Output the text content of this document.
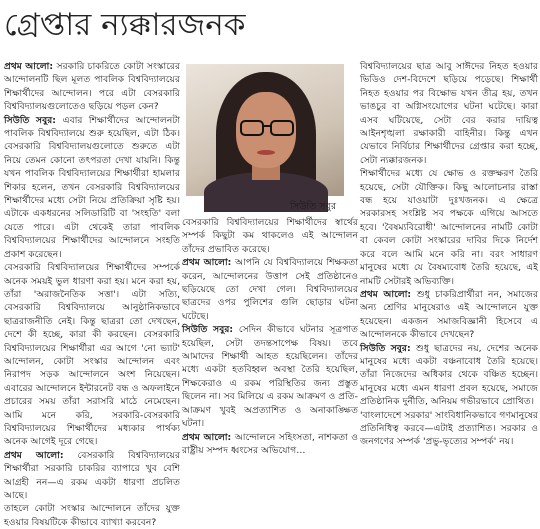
গ্রেপ্তার ন্যক্কারজনক

প্রথম আলো: সরকারি চাকরিতে কোটা সংস্কারের আন্দোলনটি ছিল মূলত পাবলিক বিশ্ববিদ্যালয়ের শিক্ষার্থীদের আন্দোলন। পরে এটা বেসরকারি বিশ্ববিদ্যালয়গুলোতেও ছড়িয়ে পড়ল কেন?

সিউতি সবুর: এবার শিক্ষার্থীদের আন্দোলনটা পাবলিক বিশ্ববিদ্যালয়ে শুরু হয়েছিল, এটা ঠিক। বেসরকারি বিশ্ববিদ্যালয়গুলোতে শুরুতে এটা নিয়ে তেমন কোনো তৎপরতা দেখা যায়নি। কিন্তু যখন পাবলিক বিশ্ববিদ্যালয়ের শিক্ষার্থীরা হামলার শিকার হলেন, তখন বেসরকারি বিশ্ববিদ্যালয়ের শিক্ষার্থীদের মধ্যে সেটা নিয়ে প্রতিক্রিয়া সৃষ্টি হয়। এটাকে একধরনের সলিডারিটি বা 'সংহতি' বলা যেতে পারে। এটা থেকেই তারা পাবলিক বিশ্ববিদ্যালয়ের শিক্ষার্থীদের আন্দোলনে সংহতি প্রকাশ করেছেন।

বেসরকারি বিশ্ববিদ্যালয়ের শিক্ষার্থীদের সম্পর্কে অনেক সময়ই ভুল ধারণা করা হয়। মনে করা হয়, তাঁরা 'অরাজনৈতিক সত্তা'। এটা সত্যি, বেসরকারি বিশ্ববিদ্যালয়ে আনুষ্ঠানিকভাবে ছাত্ররাজনীতি নেই। কিন্তু ছাত্ররা তো দেখছেন, দেশে কী হচ্ছে, কারা কী করছেন। বেসরকারি বিশ্ববিদ্যালয়ের শিক্ষার্থীরা এর আগে 'নো ভ্যাট' আন্দোলন, কোটা সংস্কার আন্দোলন এবং নিরাপদ সড়ক আন্দোলনে অংশ নিয়েছেন। এবারের আন্দোলনে ইন্টারনেট বন্ধ ও অফলাইনে প্রচারের সময় তাঁরা সরাসরি মাঠে নেমেছেন। আমি মনে করি, সরকারি-বেসরকারি বিশ্ববিদ্যালয়ের শিক্ষার্থীদের মধ্যকার পার্থক্য অনেক আগেই দূরে গেছে।

প্রথম আলো: বেসরকারি বিশ্ববিদ্যালয়ের শিক্ষার্থীরা সরকারি চাকরির ব্যাপারে খুব বেশি আগ্রহী নন—এ রকম একটা ধারণা প্রচলিত আছে।

তাহলে কোটা সংস্কার আন্দোলনে তাঁদের যুক্ত হওয়ার বিষয়টিকে কীভাবে ব্যাখ্যা করবেন?

সিউতি সবুর

বেসরকারি বিশ্ববিদ্যালয়ের শিক্ষার্থীদের স্বার্থের সম্পর্ক কিছুটা কম থাকলেও এই আন্দোলন তাঁদের প্রভাবিত করেছে।

প্রথম আলো: আপনি যে বিশ্ববিদ্যালয়ে শিক্ষকতা করেন, আন্দোলনের উত্তাপ সেই প্রতিষ্ঠানেও ছড়িয়েছে তো দেখা গেল। বিশ্ববিদ্যালয়ের ছাত্রদের ওপর পুলিশের গুলি ছোড়ার ঘটনা ঘটেছে।

সিউতি সবুর: সেদিন কীভাবে ঘটনার সূত্রপাত হয়েছিল, সেটা তদন্তসাপেক্ষ বিষয়। তবে আমাদের শিক্ষার্থী আহত হয়েছিলেন। তাঁদের মধ্যে একটা হতবিহ্বল অবস্থা তৈরি হয়েছিল, শিক্ষকেরাও এ রকম পরিস্থিতির জন্য প্রস্তুত ছিলেন না। সব মিলিয়ে এ রকম আক্রমণ ও প্রতি-আক্রমণ খুবই অপ্রত্যাশিত ও অনাকাঙ্ক্ষিত ঘটনা।

প্রথম আলো: আন্দোলনে সহিংসতা, নাশকতা ও রাষ্ট্রীয় সম্পদ ধ্বংসের অভিযোগ…

বিশ্ববিদ্যালয়ের ছাত্র আবু সাঈদের নিহত হওয়ার ভিডিও দেশ-বিদেশে ছড়িয়ে পড়েছে। শিক্ষার্থী নিহত হওয়ার পর বিক্ষোভ যখন তীব্র হয়, তখন ভাঙচুর বা অগ্নিসংযোগের ঘটনা ঘটেছে। কারা এসব ঘটিয়েছে, সেটা বের করার দায়িত্ব আইনশৃঙ্খলা রক্ষাকারী বাহিনীর। কিন্তু এখন যেভাবে নির্বিচার শিক্ষার্থীদের গ্রেপ্তার করা হচ্ছে, সেটা ন্যক্কারজনক।

শিক্ষার্থীদের মধ্যে যে ক্ষোভ ও রক্তক্ষরণ তৈরি হয়েছে, সেটা যৌক্তিক। কিছু আলোচনার রাস্তা বন্ধ হয়ে যাওয়াটা দুঃখজনক। এ ক্ষেত্রে সরকারসহ সংশ্লিষ্ট সব পক্ষকে এগিয়ে আসতে হবে। 'বৈষম্যবিরোধী' আন্দোলনের নামটি কোটা বা কেবল কোটা সংস্কারের দাবির দিকে নির্দেশ করে বলে আমি মনে করি না। বরং সাধারণ মানুষের মধ্যে যে বৈষম্যবোধ তৈরি হয়েছে, এই নামটি সেটারই অভিব্যক্তি।

প্রথম আলো: শুধু চাকরিপ্রার্থীরা নন, সমাজের অন্য শ্রেণির মানুষেরাও এই আন্দোলনে যুক্ত হয়েছেন। একজন সমাজবিজ্ঞানী হিসেবে এ আন্দোলনকে কীভাবে দেখছেন?

সিউতি সবুর: শুধু ছাত্রদের নয়, দেশের অনেক মানুষের মধ্যে একটা বঞ্চনাবোধ তৈরি হয়েছে। তাঁরা নিজেদের অধিকার থেকে বঞ্চিত হচ্ছেন। মানুষের মধ্যে এমন ধারণা প্রবল হয়েছে, সমাজে প্রতিষ্ঠানিক দুর্নীতি, অনিয়ম গভীরভাবে প্রোথিত।

'বাংলাদেশে সরকার' সাংবিধানিকভাবে গণমানুষের প্রতিনিধিত্ব করবে—এটাই প্রত্যাশিত। সরকার ও জনগণের সম্পর্ক 'প্রভু-ভৃত্যের সম্পর্ক' নয়।
